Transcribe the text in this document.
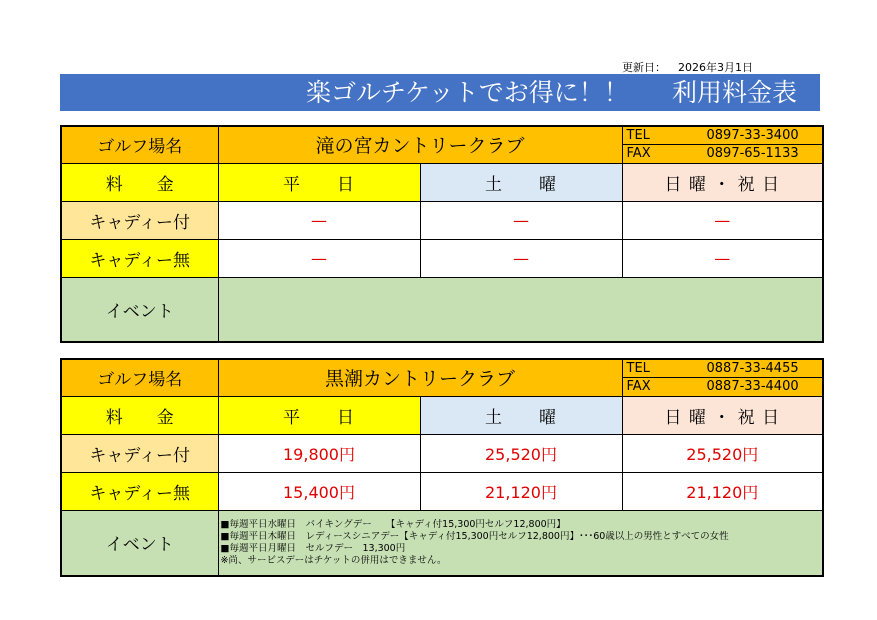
更新日： 2026年3月1日
楽ゴルチケットでお得に！！ 利用料金表
ゴルフ場名	滝の宮カントリークラブ		TEL 0897-33-3400
FAX 0897-65-1133

料　　金	平　　日	土　　曜	日 曜 ・ 祝 日
キャディー付	—	—	—
キャディー無	—	—	—
イベント			
ゴルフ場名	黒潮カントリークラブ		TEL 0887-33-4455
FAX 0887-33-4400

料　　金	平　　日	土　　曜	日 曜 ・ 祝 日
キャディー付	19,800円	25,520円	25,520円
キャディー無	15,400円	21,120円	21,120円
イベント	■毎週平日水曜日　バイキングデー　　【キャディ付15,300円セルフ12,800円】
■毎週平日木曜日　レディースシニアデー【キャディ付15,300円セルフ12,800円】･･･60歳以上の男性とすべての女性
■毎週平日月曜日　セルフデー　13,300円
※尚、サービスデーはチケットの併用はできません。		
